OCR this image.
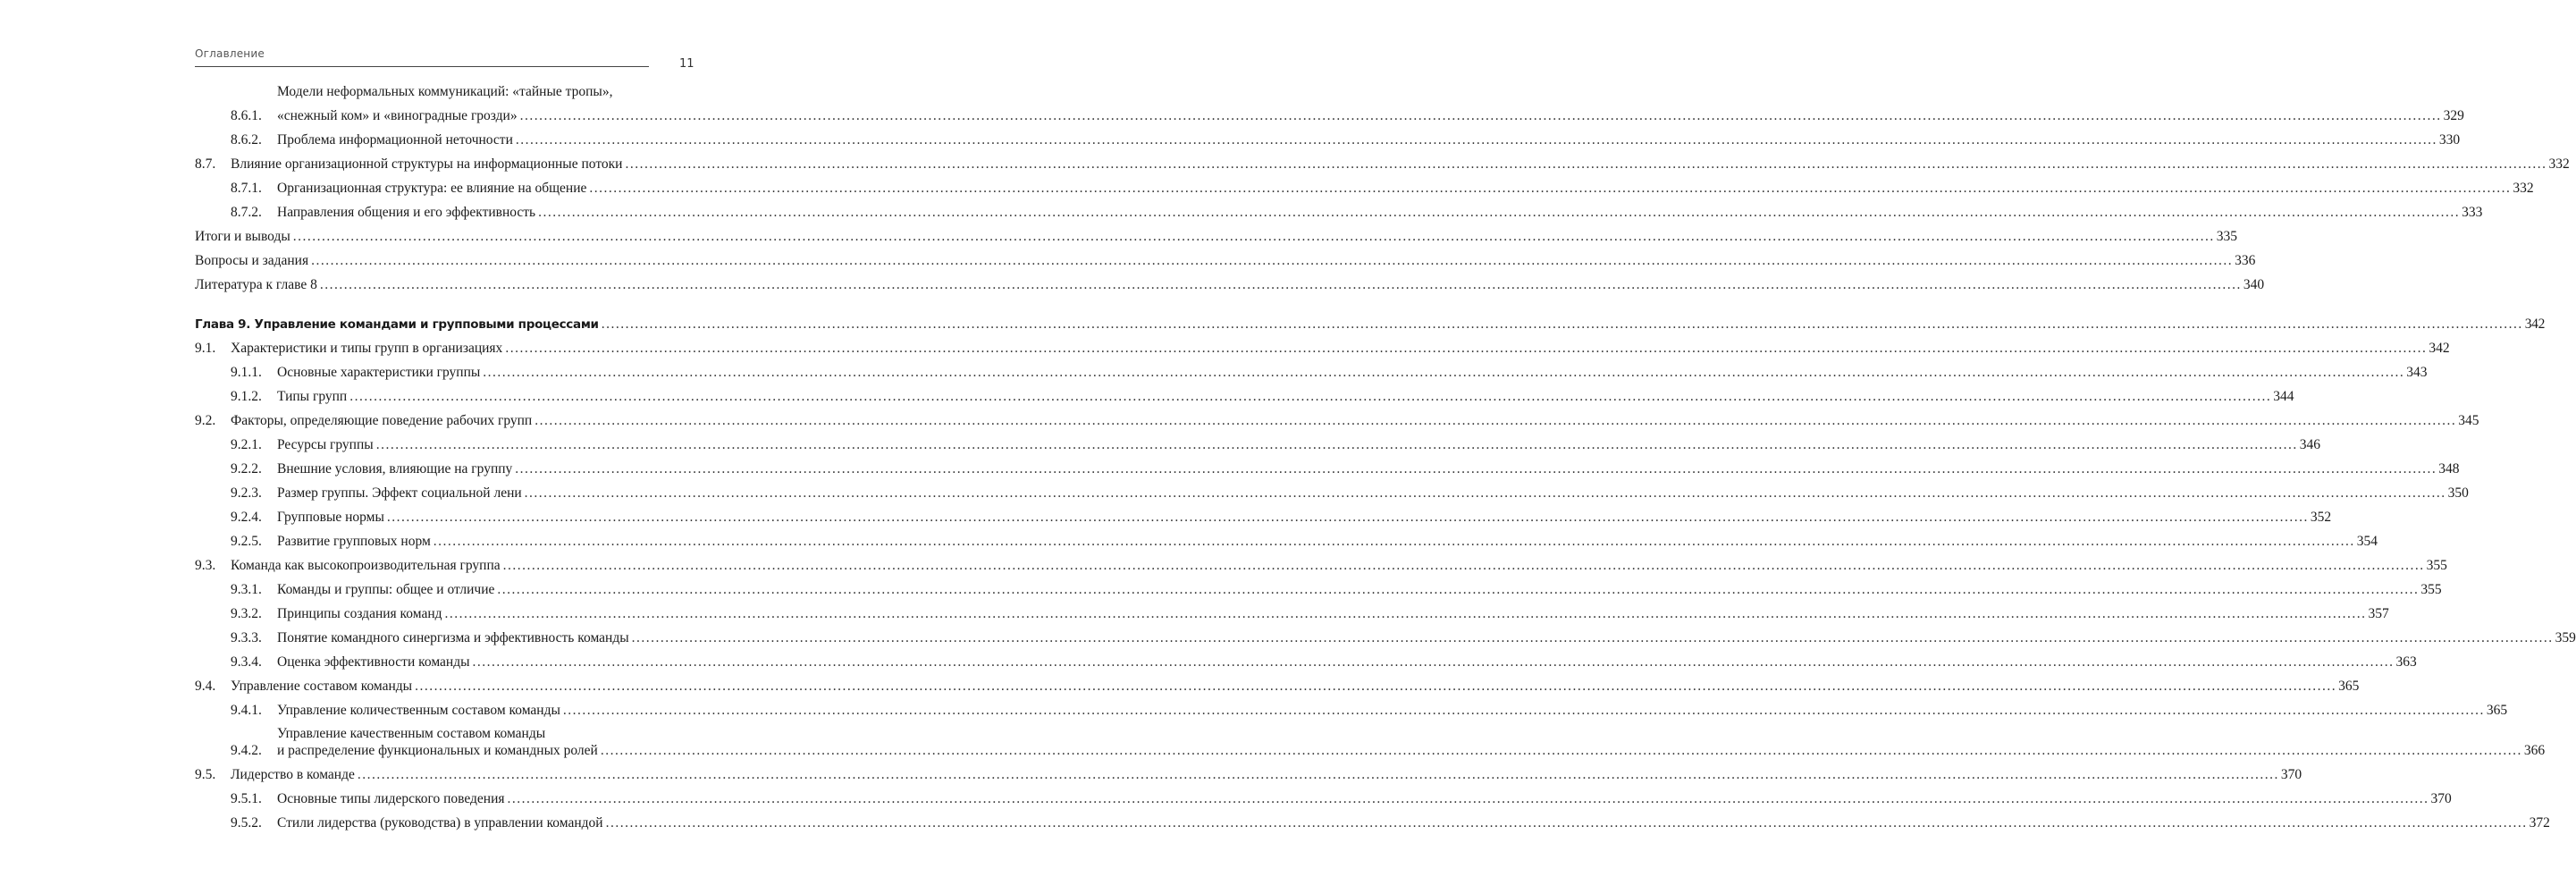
Оглавление
11
Модели неформальных коммуникаций: «тайные тропы»,
8.6.1.	«снежный ком» и «виноградные грозди» ................................................................................................................................................................................................................................................................................................................................................................................................................ 329
8.6.2.	Проблема информационной неточности ................................................................................................................................................................................................................................................................................................................................................................................................................ 330
8.7.	Влияние организационной структуры на информационные потоки ................................................................................................................................................................................................................................................................................................................................................................................................................ 332
8.7.1.	Организационная структура: ее влияние на общение ................................................................................................................................................................................................................................................................................................................................................................................................................ 332
8.7.2.	Направления общения и его эффективность ................................................................................................................................................................................................................................................................................................................................................................................................................ 333
Итоги и выводы ................................................................................................................................................................................................................................................................................................................................................................................................................ 335
Вопросы и задания ................................................................................................................................................................................................................................................................................................................................................................................................................ 336
Литература к главе 8 ................................................................................................................................................................................................................................................................................................................................................................................................................ 340
Глава 9. Управление командами и групповыми процессами ................................................................................................................................................................................................................................................................................................................................................................................................................ 342
9.1.	Характеристики и типы групп в организациях ................................................................................................................................................................................................................................................................................................................................................................................................................ 342
9.1.1.	Основные характеристики группы ................................................................................................................................................................................................................................................................................................................................................................................................................ 343
9.1.2.	Типы групп ................................................................................................................................................................................................................................................................................................................................................................................................................ 344
9.2.	Факторы, определяющие поведение рабочих групп ................................................................................................................................................................................................................................................................................................................................................................................................................ 345
9.2.1.	Ресурсы группы ................................................................................................................................................................................................................................................................................................................................................................................................................ 346
9.2.2.	Внешние условия, влияющие на группу ................................................................................................................................................................................................................................................................................................................................................................................................................ 348
9.2.3.	Размер группы. Эффект социальной лени ................................................................................................................................................................................................................................................................................................................................................................................................................ 350
9.2.4.	Групповые нормы ................................................................................................................................................................................................................................................................................................................................................................................................................ 352
9.2.5.	Развитие групповых норм ................................................................................................................................................................................................................................................................................................................................................................................................................ 354
9.3.	Команда как высокопроизводительная группа ................................................................................................................................................................................................................................................................................................................................................................................................................ 355
9.3.1.	Команды и группы: общее и отличие ................................................................................................................................................................................................................................................................................................................................................................................................................ 355
9.3.2.	Принципы создания команд ................................................................................................................................................................................................................................................................................................................................................................................................................ 357
9.3.3.	Понятие командного синергизма и эффективность команды ................................................................................................................................................................................................................................................................................................................................................................................................................ 359
9.3.4.	Оценка эффективности команды ................................................................................................................................................................................................................................................................................................................................................................................................................ 363
9.4.	Управление составом команды ................................................................................................................................................................................................................................................................................................................................................................................................................ 365
9.4.1.	Управление количественным составом команды ................................................................................................................................................................................................................................................................................................................................................................................................................ 365
Управление качественным составом команды
9.4.2.	и распределение функциональных и командных ролей ................................................................................................................................................................................................................................................................................................................................................................................................................ 366
9.5.	Лидерство в команде ................................................................................................................................................................................................................................................................................................................................................................................................................ 370
9.5.1.	Основные типы лидерского поведения ................................................................................................................................................................................................................................................................................................................................................................................................................ 370
9.5.2.	Стили лидерства (руководства) в управлении командой ................................................................................................................................................................................................................................................................................................................................................................................................................ 372
